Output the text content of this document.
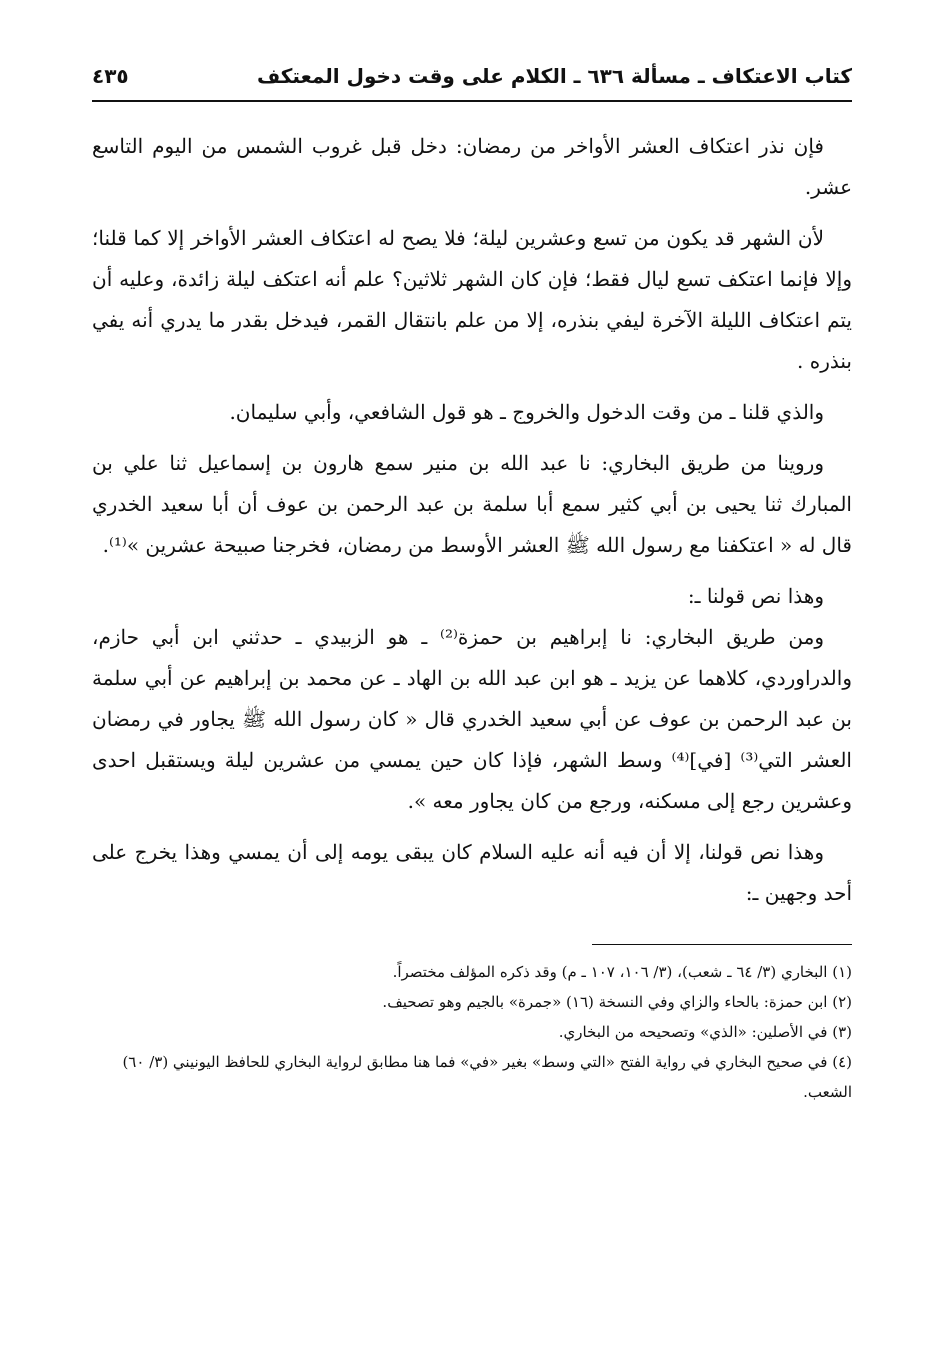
كتاب الاعتكاف ـ مسألة ٦٣٦ ـ الكلام على وقت دخول المعتكف
٤٣٥

فإن نذر اعتكاف العشر الأواخر من رمضان: دخل قبل غروب الشمس من اليوم التاسع عشر.

لأن الشهر قد يكون من تسع وعشرين ليلة؛ فلا يصح له اعتكاف العشر الأواخر إلا كما قلنا؛ وإلا فإنما اعتكف تسع ليال فقط؛ فإن كان الشهر ثلاثين؟ علم أنه اعتكف ليلة زائدة، وعليه أن يتم اعتكاف الليلة الآخرة ليفي بنذره، إلا من علم بانتقال القمر، فيدخل بقدر ما يدري أنه يفي بنذره .

والذي قلنا ـ من وقت الدخول والخروج ـ هو قول الشافعي، وأبي سليمان.

وروينا من طريق البخاري: نا عبد الله بن منير سمع هارون بن إسماعيل ثنا علي بن المبارك ثنا يحيى بن أبي كثير سمع أبا سلمة بن عبد الرحمن بن عوف أن أبا سعيد الخدري قال له « اعتكفنا مع رسول الله ﷺ العشر الأوسط من رمضان، فخرجنا صبيحة عشرين »⁽¹⁾.

وهذا نص قولنا ـ:

ومن طريق البخاري: نا إبراهيم بن حمزة⁽²⁾ ـ هو الزبيدي ـ حدثني ابن أبي حازم، والدراوردي، كلاهما عن يزيد ـ هو ابن عبد الله بن الهاد ـ عن محمد بن إبراهيم عن أبي سلمة بن عبد الرحمن بن عوف عن أبي سعيد الخدري قال « كان رسول الله ﷺ يجاور في رمضان العشر التي⁽³⁾ [في]⁽⁴⁾ وسط الشهر، فإذا كان حين يمسي من عشرين ليلة ويستقبل احدى وعشرين رجع إلى مسكنه، ورجع من كان يجاور معه ».

وهذا نص قولنا، إلا أن فيه أنه عليه السلام كان يبقى يومه إلى أن يمسي وهذا يخرج على أحد وجهين ـ:

(١) البخاري (٣/ ٦٤ ـ شعب)، (٣/ ١٠٦، ١٠٧ ـ م) وقد ذكره المؤلف مختصراً.

(٢) ابن حمزة: بالحاء والزاي وفي النسخة (١٦) «جمرة» بالجيم وهو تصحيف.

(٣) في الأصلين: «الذي» وتصحيحه من البخاري.

(٤) في صحيح البخاري في رواية الفتح «التي وسط» بغير «في» فما هنا مطابق لرواية البخاري للحافظ اليونيني (٣/ ٦٠) الشعب.
